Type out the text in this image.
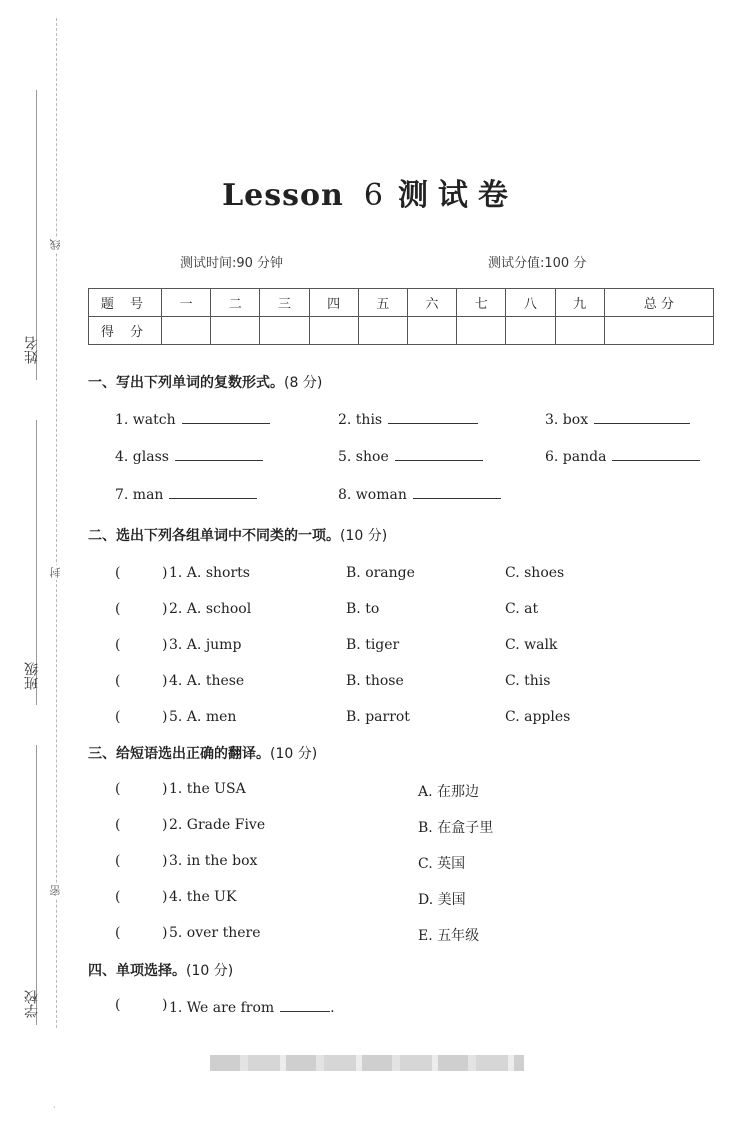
姓名
班级
学校
线
封
密
·
Lesson 6 测试卷
测试时间:90 分钟	测试分值:100 分
题 号	一	二	三	四	五	六	七	八	九	总 分
得 分										
一、写出下列单词的复数形式。(8 分)
1. watch	2. this	3. box
4. glass	5. shoe	6. panda
7. man	8. woman
二、选出下列各组单词中不同类的一项。(10 分)
(	) 1. A. shorts	B. orange	C. shoes
(	) 2. A. school	B. to	C. at
(	) 3. A. jump	B. tiger	C. walk
(	) 4. A. these	B. those	C. this
(	) 5. A. men	B. parrot	C. apples
三、给短语选出正确的翻译。(10 分)
(	) 1. the USA	A. 在那边
(	) 2. Grade Five	B. 在盒子里
(	) 3. in the box	C. 英国
(	) 4. the UK	D. 美国
(	) 5. over there	E. 五年级
四、单项选择。(10 分)
(	) 1. We are from	.
